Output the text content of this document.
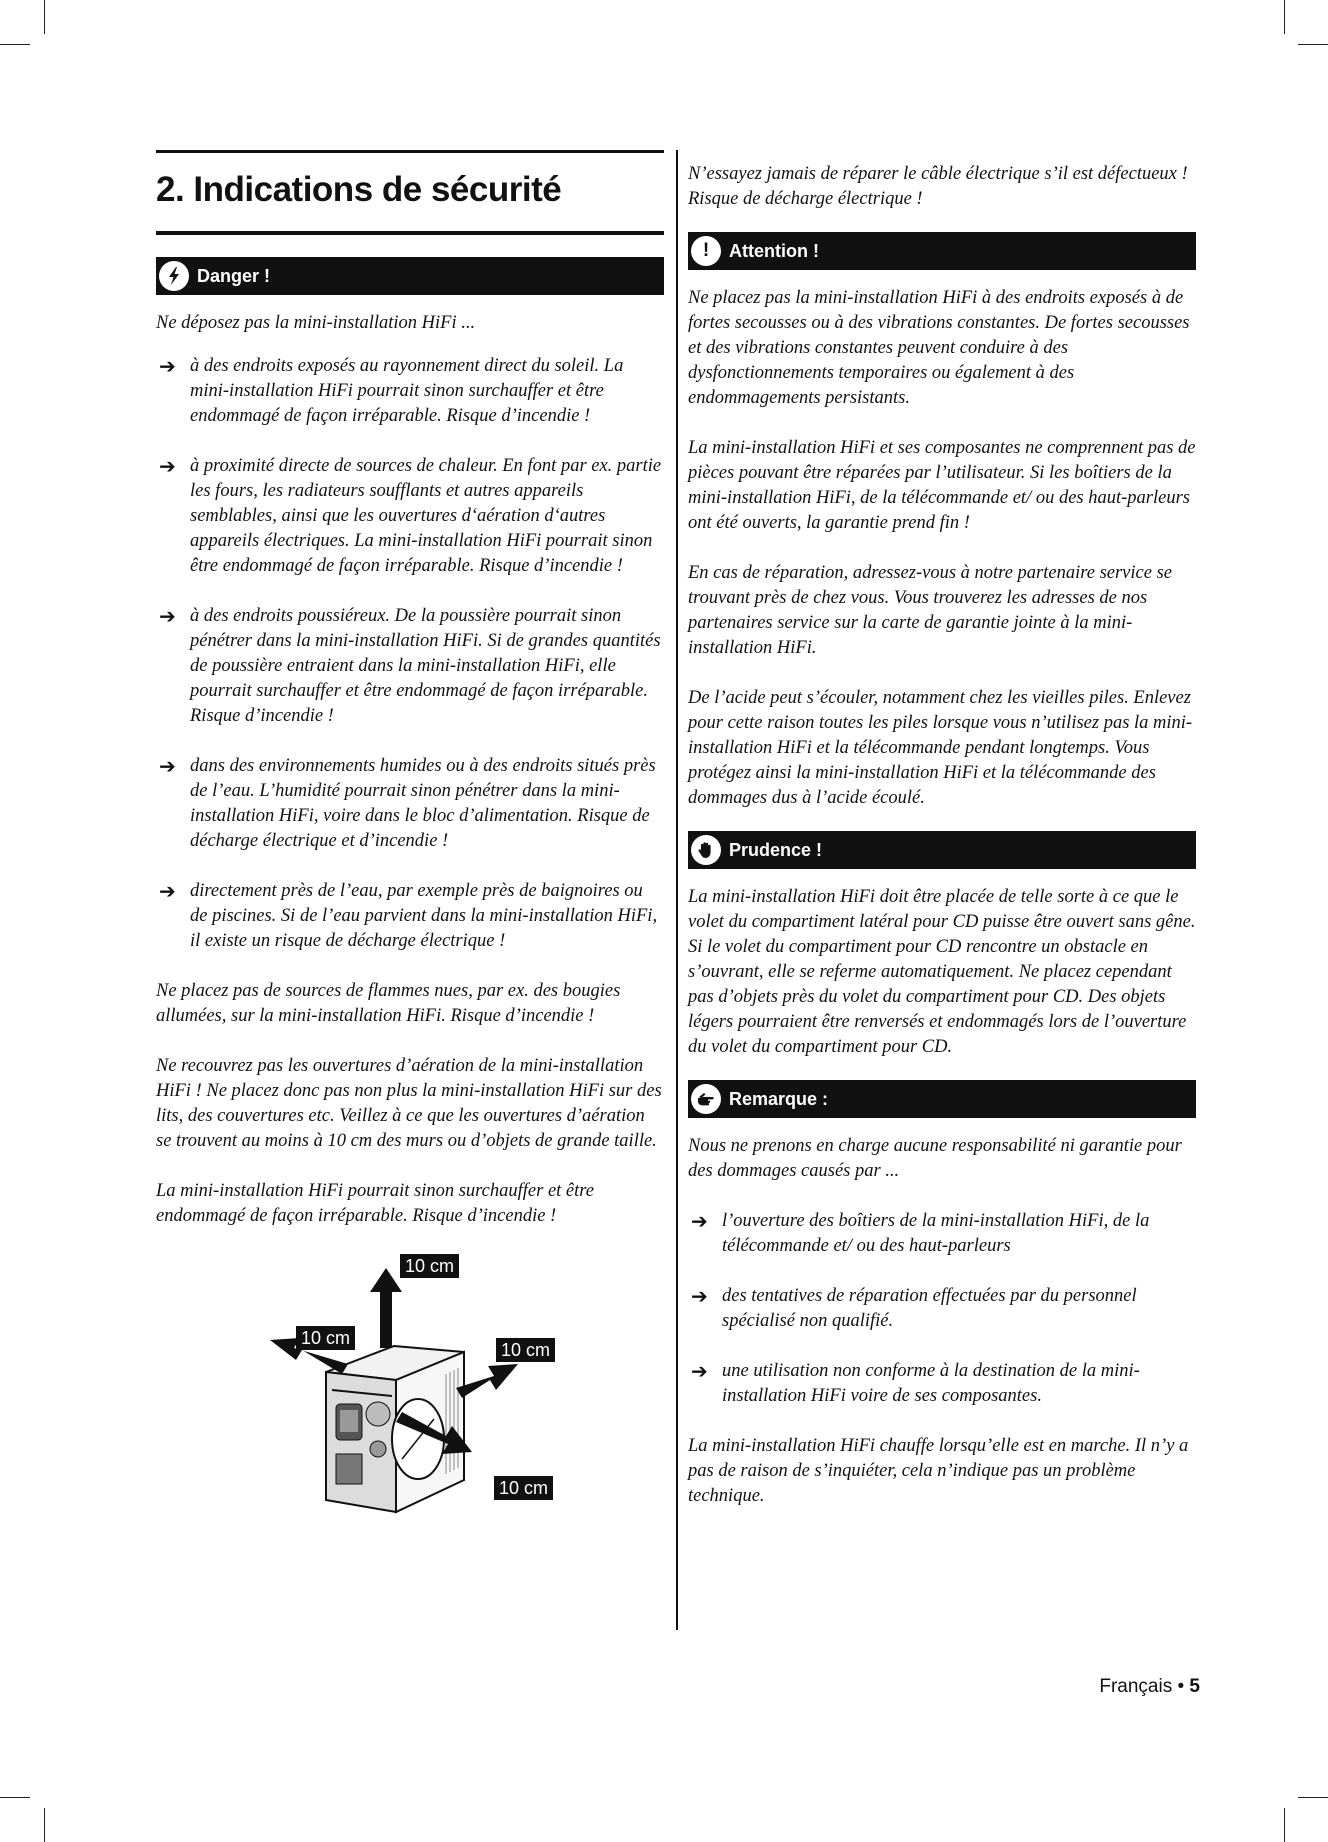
2. Indications de sécurité
Danger !

Ne déposez pas la mini-installation HiFi ...

➔ à des endroits exposés au rayonnement direct du soleil. La mini-installation HiFi pourrait sinon surchauffer et être endommagé de façon irréparable. Risque d’incendie !
➔ à proximité directe de sources de chaleur. En font par ex. partie les fours, les radiateurs soufflants et autres appareils semblables, ainsi que les ouvertures d‘aération d‘autres appareils électriques. La mini-installation HiFi pourrait sinon être endommagé de façon irréparable. Risque d’incendie !
➔ à des endroits poussiéreux. De la poussière pourrait sinon pénétrer dans la mini-installation HiFi. Si de grandes quantités de poussière entraient dans la mini-installation HiFi, elle pourrait surchauffer et être endommagé de façon irréparable. Risque d’incendie !
➔ dans des environnements humides ou à des endroits situés près de l’eau. L’humidité pourrait sinon pénétrer dans la mini-installation HiFi, voire dans le bloc d’alimentation. Risque de décharge électrique et d’incendie !
➔ directement près de l’eau, par exemple près de baignoires ou de piscines. Si de l’eau parvient dans la mini-installation HiFi, il existe un risque de décharge électrique !

Ne placez pas de sources de flammes nues, par ex. des bougies allumées, sur la mini-installation HiFi. Risque d’incendie !

Ne recouvrez pas les ouvertures d’aération de la mini-installation HiFi ! Ne placez donc pas non plus la mini-installation HiFi sur des lits, des couvertures etc. Veillez à ce que les ouvertures d’aération se trouvent au moins à 10 cm des murs ou d’objets de grande taille.

La mini-installation HiFi pourrait sinon surchauffer et être endommagé de façon irréparable. Risque d’incendie !

10 cm
10 cm
10 cm
10 cm

N’essayez jamais de réparer le câble électrique s’il est défectueux ! Risque de décharge électrique !

!	Attention !

Ne placez pas la mini-installation HiFi à des endroits exposés à de fortes secousses ou à des vibrations constantes. De fortes secousses et des vibrations constantes peuvent conduire à des dysfonctionnements temporaires ou également à des endommagements persistants.

La mini-installation HiFi et ses composantes ne comprennent pas de pièces pouvant être réparées par l’utilisateur. Si les boîtiers de la mini-installation HiFi, de la télécommande et/ ou des haut-parleurs ont été ouverts, la garantie prend fin !

En cas de réparation, adressez-vous à notre partenaire service se trouvant près de chez vous. Vous trouverez les adresses de nos partenaires service sur la carte de garantie jointe à la mini-installation HiFi.

De l’acide peut s’écouler, notamment chez les vieilles piles. Enlevez pour cette raison toutes les piles lorsque vous n’utilisez pas la mini-installation HiFi et la télécommande pendant longtemps. Vous protégez ainsi la mini-installation HiFi et la télécommande des dommages dus à l’acide écoulé.

Prudence !

La mini-installation HiFi doit être placée de telle sorte à ce que le volet du compartiment latéral pour CD puisse être ouvert sans gêne. Si le volet du compartiment pour CD rencontre un obstacle en s’ouvrant, elle se referme automatiquement. Ne placez cependant pas d’objets près du volet du compartiment pour CD. Des objets légers pourraient être renversés et endommagés lors de l’ouverture du volet du compartiment pour CD.

Remarque :

Nous ne prenons en charge aucune responsabilité ni garantie pour des dommages causés par ...

➔ l’ouverture des boîtiers de la mini-installation HiFi, de la télécommande et/ ou des haut-parleurs
➔ des tentatives de réparation effectuées par du personnel spécialisé non qualifié.
➔ une utilisation non conforme à la destination de la mini-installation HiFi voire de ses composantes.

La mini-installation HiFi chauffe lorsqu’elle est en marche. Il n’y a pas de raison de s’inquiéter, cela n’indique pas un problème technique.

Français • 5
